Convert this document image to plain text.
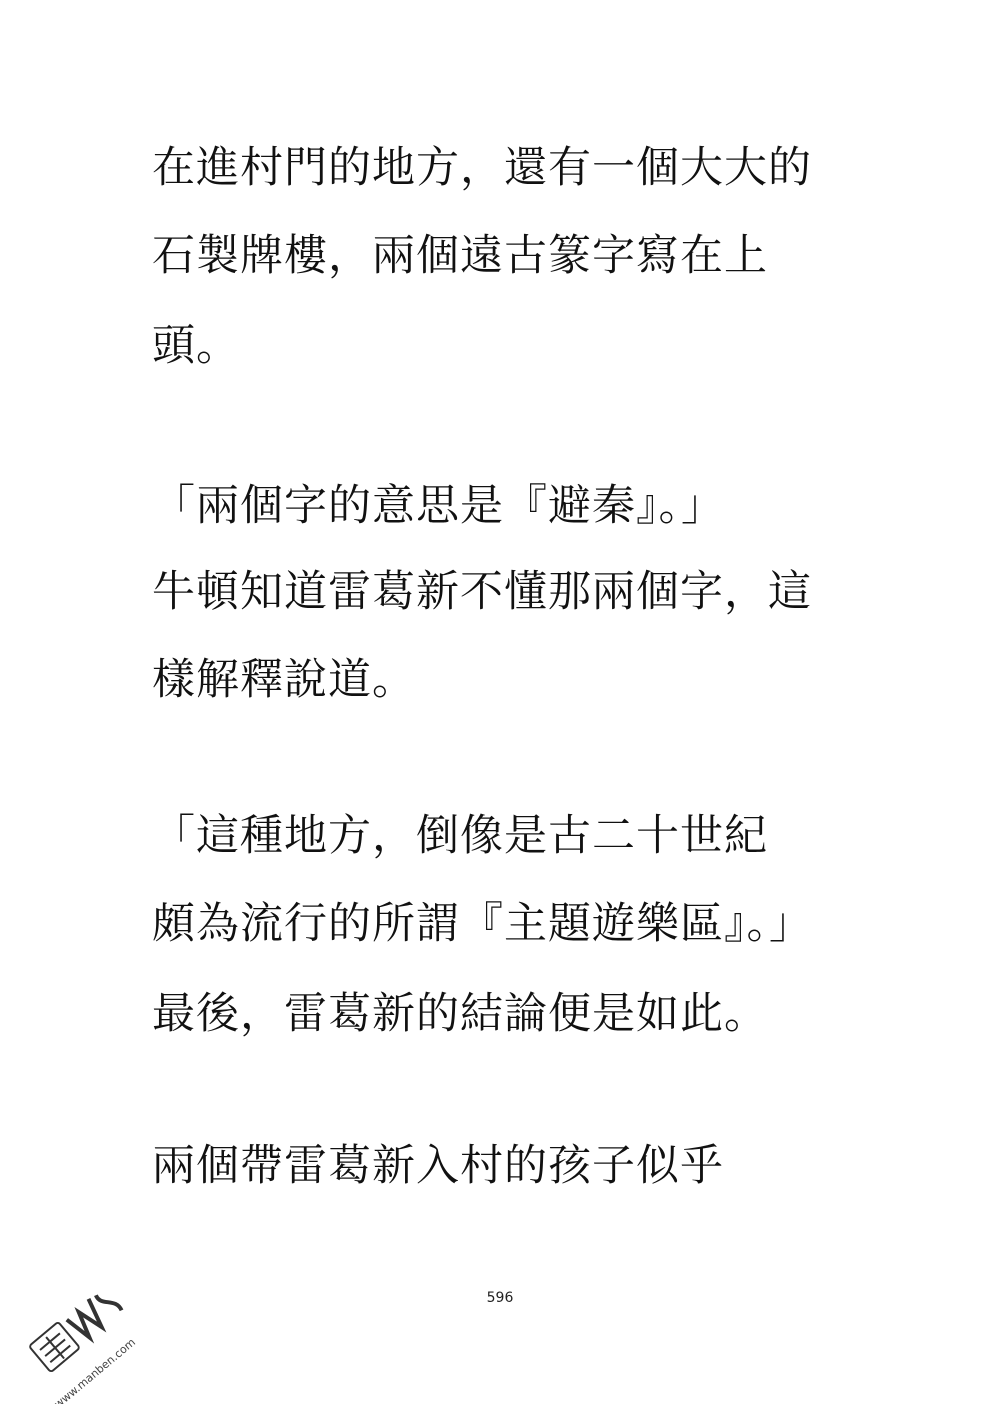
在進村門的地方，還有一個大大的
石製牌樓，兩個遠古篆字寫在上
頭。
「兩個字的意思是『避秦』。」
牛頓知道雷葛新不懂那兩個字，這
樣解釋說道。
「這種地方，倒像是古二十世紀
頗為流行的所謂『主題遊樂區』。」
最後，雷葛新的結論便是如此。
兩個帶雷葛新入村的孩子似乎
596
www.manben.com
